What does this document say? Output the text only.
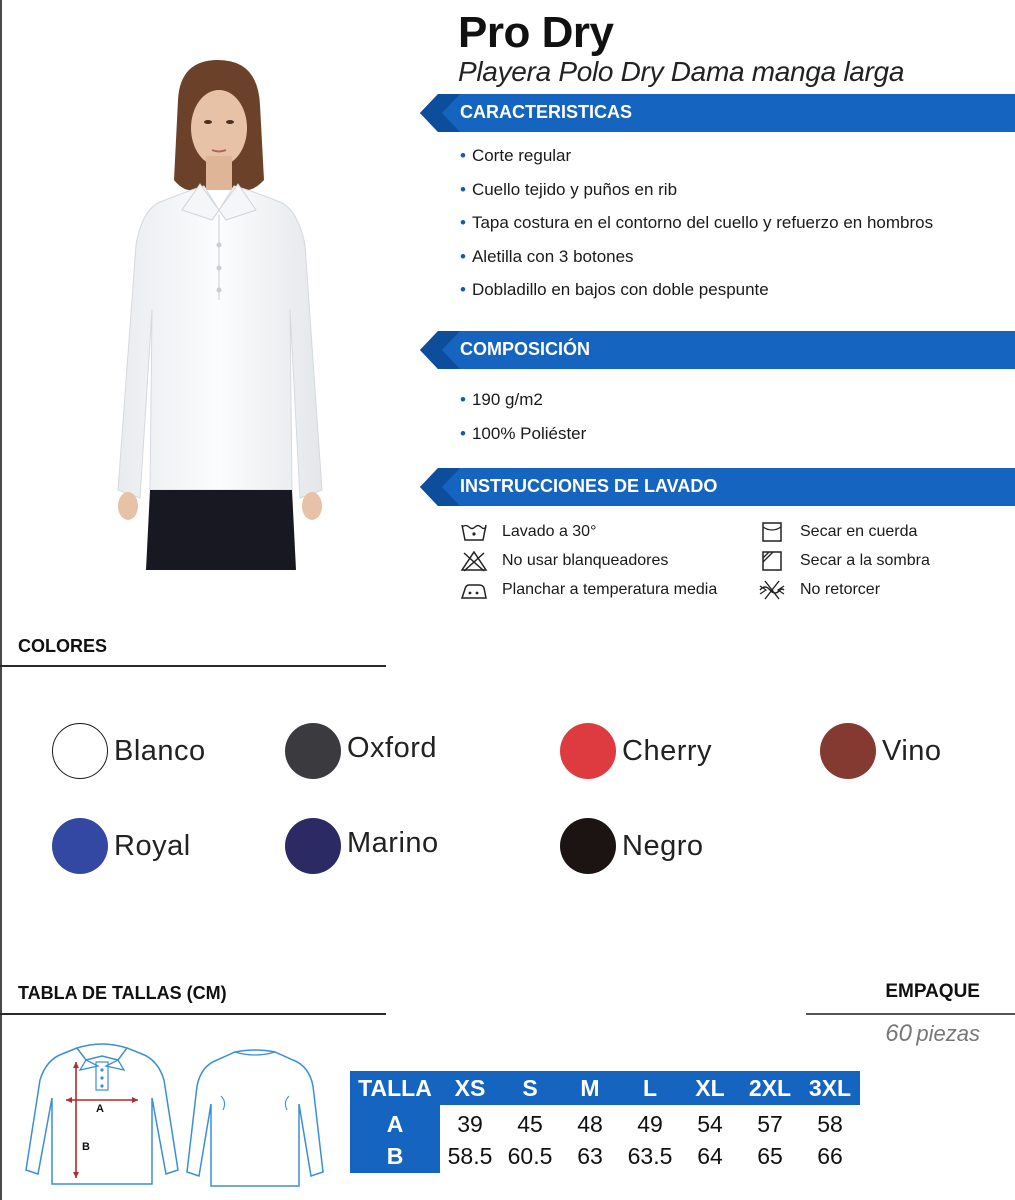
Pro Dry
Playera Polo Dry Dama manga larga
CARACTERISTICAS
• Corte regular
• Cuello tejido y puños en rib
• Tapa costura en el contorno del cuello y refuerzo en hombros
• Aletilla con 3 botones
• Dobladillo en bajos con doble pespunte
COMPOSICIÓN
• 190 g/m2
• 100% Poliéster
INSTRUCCIONES DE LAVADO
Lavado a 30°
No usar blanqueadores
Planchar a temperatura media
Secar en cuerda
Secar a la sombra
No retorcer
COLORES
Blanco	Oxford	Cherry	Vino
Royal	Marino	Negro
TABLA DE TALLAS (CM)	EMPAQUE
60 piezas
A
B
TALLA	XS	S	M	L	XL	2XL	3XL
A	39	45	48	49	54	57	58
B	58.5	60.5	63	63.5	64	65	66
